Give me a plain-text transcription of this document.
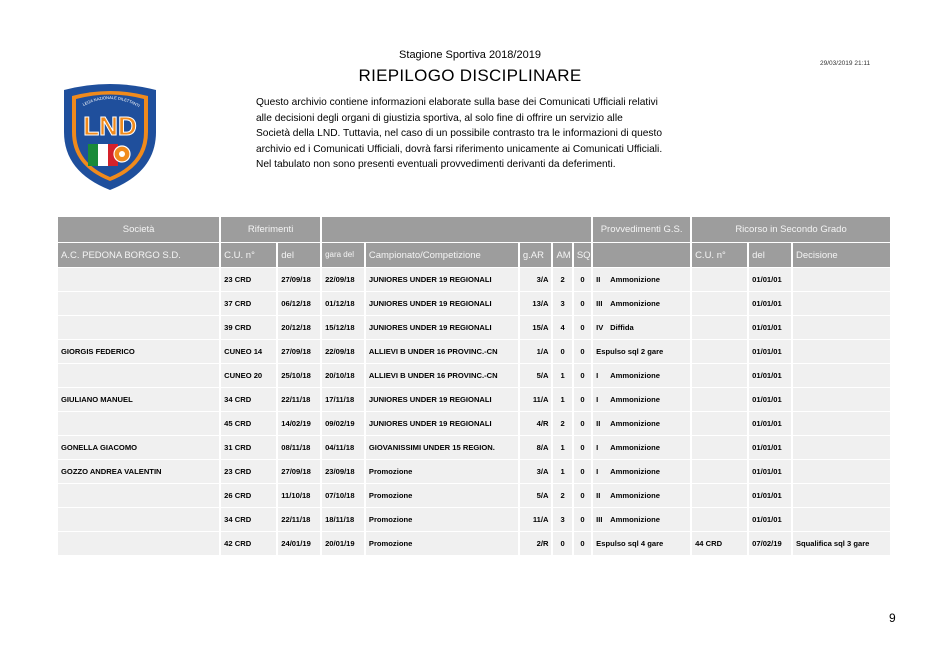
Stagione Sportiva 2018/2019
RIEPILOGO DISCIPLINARE
29/03/2019 21:11
Questo archivio contiene informazioni elaborate sulla base dei Comunicati Ufficiali relativi
alle decisioni degli organi di giustizia sportiva, al solo fine di offrire un servizio alle
Società della LND. Tuttavia, nel caso di un possibile contrasto tra le informazioni di questo
archivio ed i Comunicati Ufficiali, dovrà farsi riferimento unicamente ai Comunicati Ufficiali.
Nel tabulato non sono presenti eventuali provvedimenti derivanti da deferimenti.
LEGA NAZIONALE DILETTANTI
LND
Società	Riferimenti							Provvedimenti G.S.	Ricorso in Secondo Grado		
A.C. PEDONA BORGO S.D.	C.U. n°	del	gara del	Campionato/Competizione	g.AR	AM	SQ		C.U. n°	del	Decisione
	23 CRD	27/09/18	22/09/18	JUNIORES UNDER 19 REGIONALI	3/A	2	0	II Ammonizione		01/01/01	
	37 CRD	06/12/18	01/12/18	JUNIORES UNDER 19 REGIONALI	13/A	3	0	III Ammonizione		01/01/01	
	39 CRD	20/12/18	15/12/18	JUNIORES UNDER 19 REGIONALI	15/A	4	0	IV Diffida		01/01/01	
GIORGIS FEDERICO	CUNEO 14	27/09/18	22/09/18	ALLIEVI B UNDER 16 PROVINC.-CN	1/A	0	0	Espulso sql 2 gare		01/01/01	
	CUNEO 20	25/10/18	20/10/18	ALLIEVI B UNDER 16 PROVINC.-CN	5/A	1	0	I Ammonizione		01/01/01	
GIULIANO MANUEL	34 CRD	22/11/18	17/11/18	JUNIORES UNDER 19 REGIONALI	11/A	1	0	I Ammonizione		01/01/01	
	45 CRD	14/02/19	09/02/19	JUNIORES UNDER 19 REGIONALI	4/R	2	0	II Ammonizione		01/01/01	
GONELLA GIACOMO	31 CRD	08/11/18	04/11/18	GIOVANISSIMI UNDER 15 REGION.	8/A	1	0	I Ammonizione		01/01/01	
GOZZO ANDREA VALENTIN	23 CRD	27/09/18	23/09/18	Promozione	3/A	1	0	I Ammonizione		01/01/01	
	26 CRD	11/10/18	07/10/18	Promozione	5/A	2	0	II Ammonizione		01/01/01	
	34 CRD	22/11/18	18/11/18	Promozione	11/A	3	0	III Ammonizione		01/01/01	
	42 CRD	24/01/19	20/01/19	Promozione	2/R	0	0	Espulso sql 4 gare	44 CRD	07/02/19	Squalifica sql 3 gare
9
